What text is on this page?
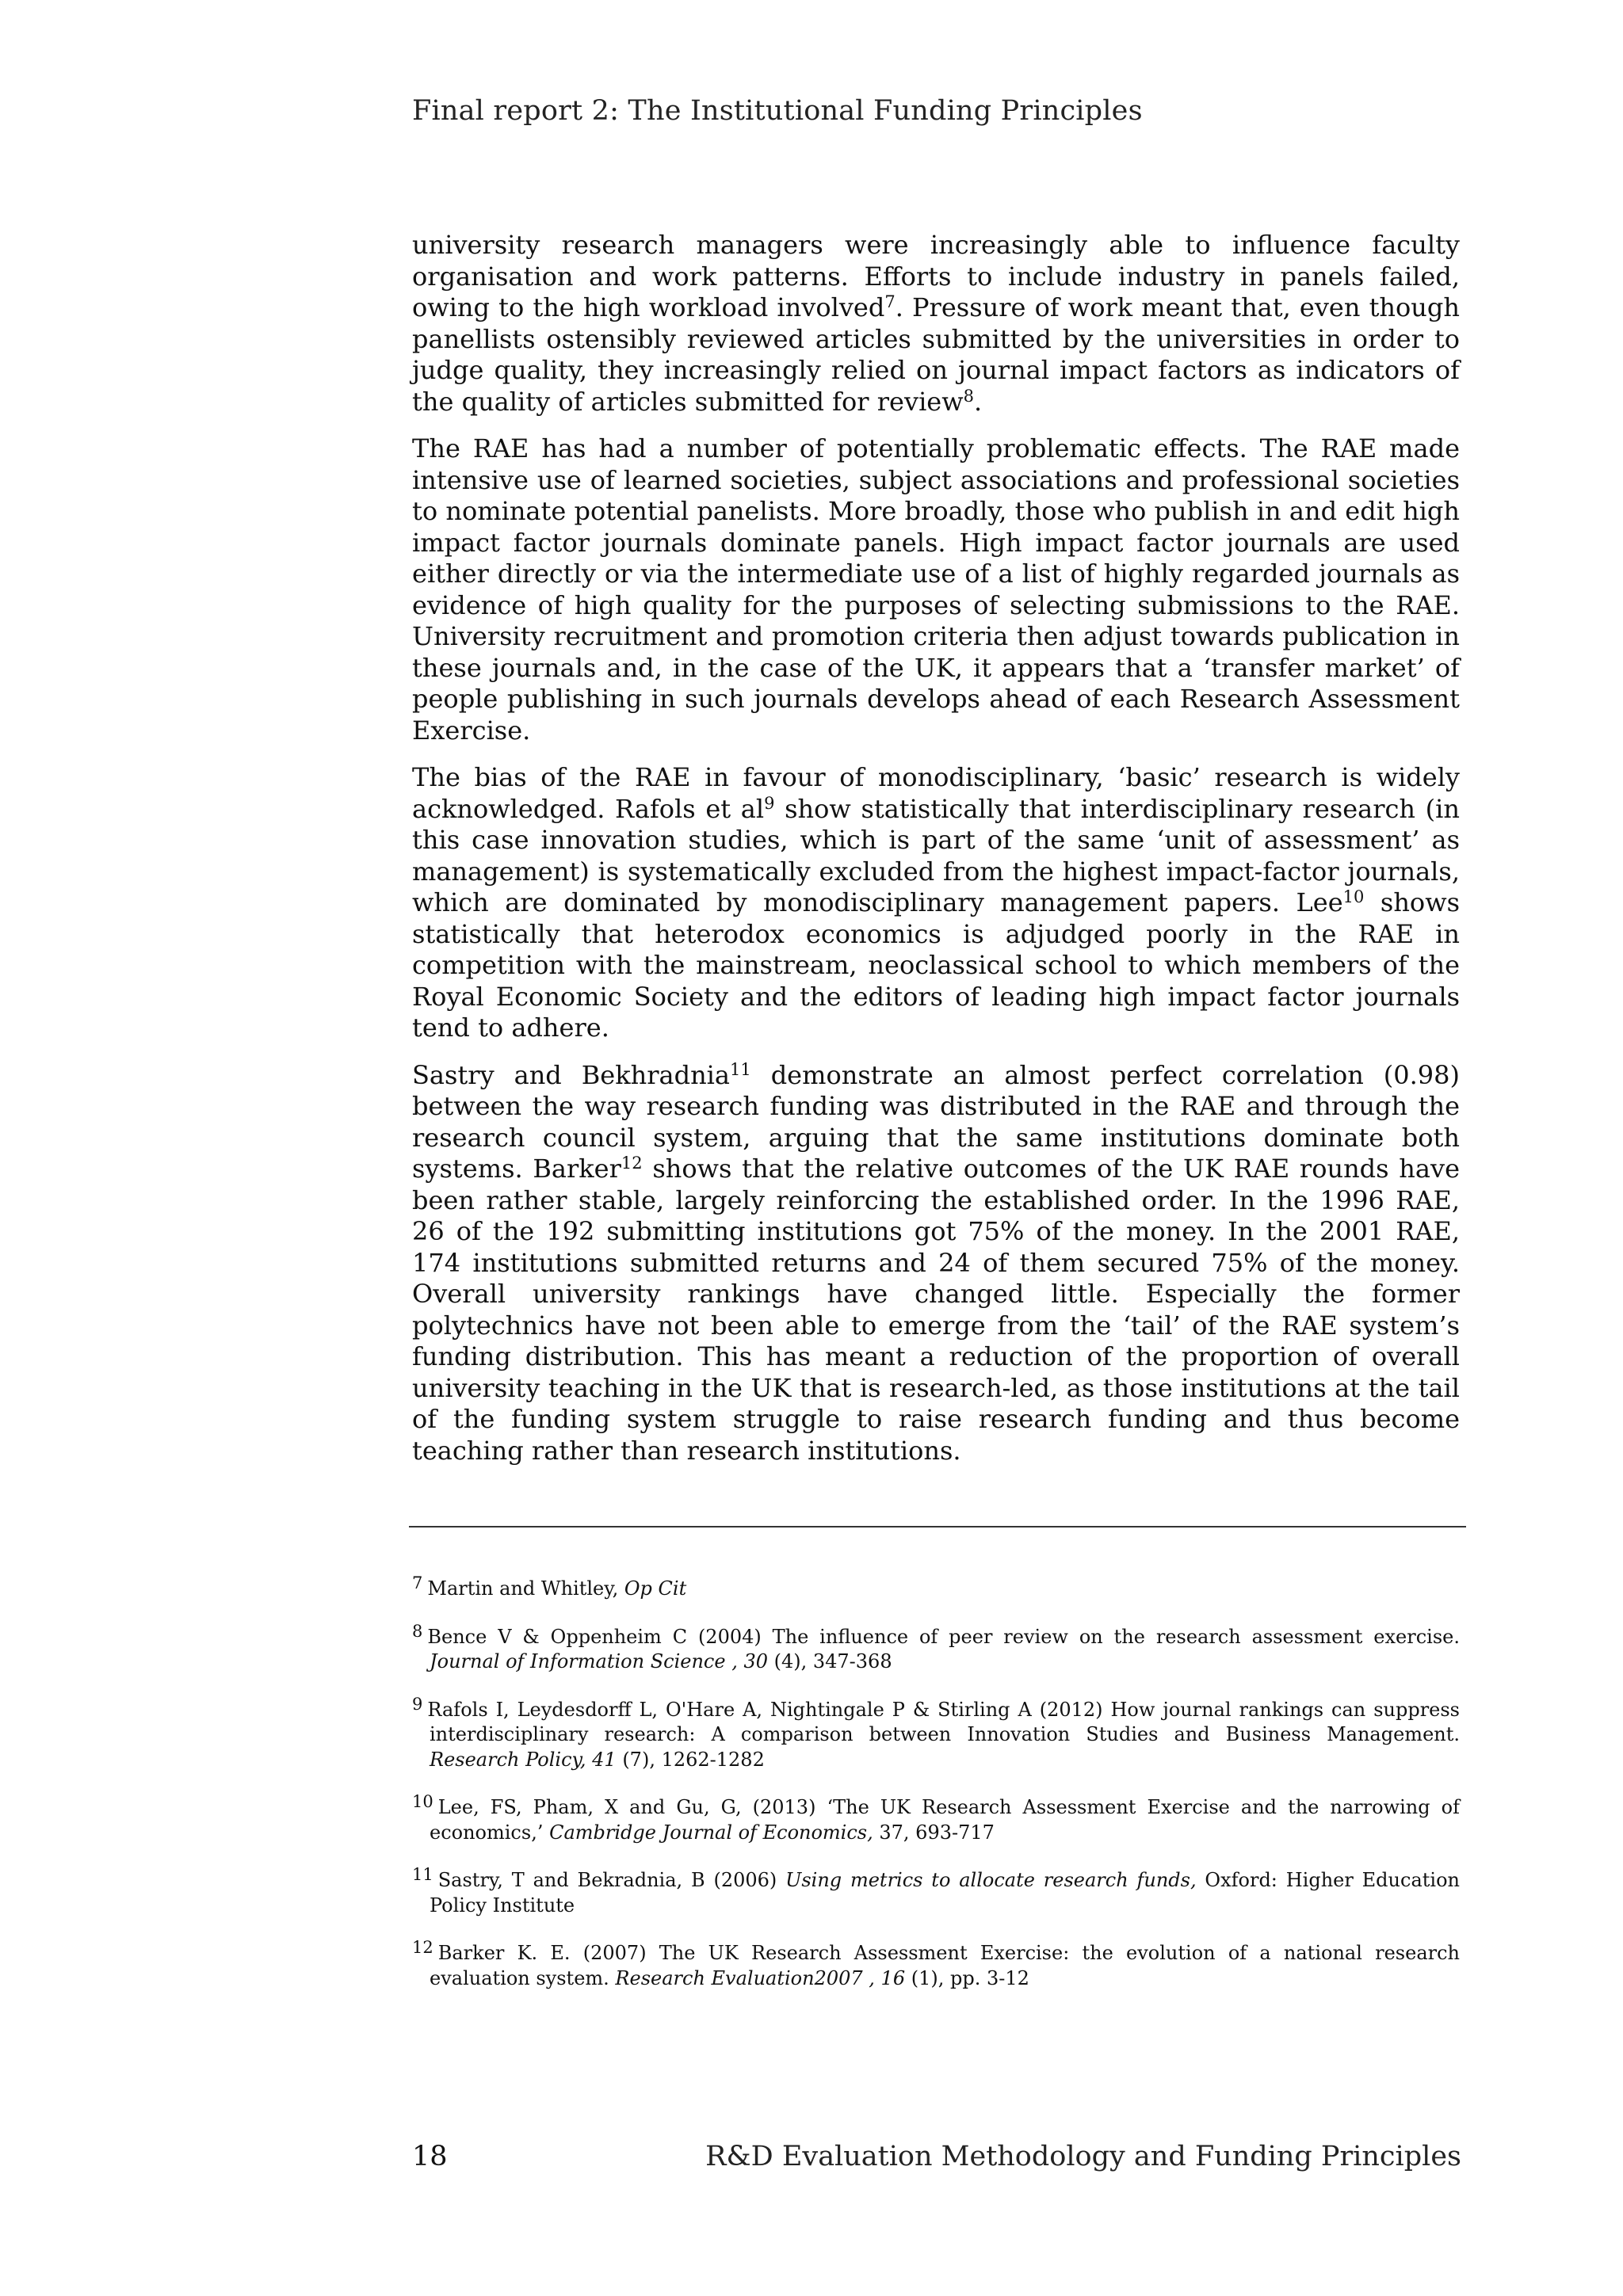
Final report 2: The Institutional Funding Principles

university research managers were increasingly able to influence faculty organisation and work patterns. Efforts to include industry in panels failed, owing to the high workload involved$^7$. Pressure of work meant that, even though panellists ostensibly reviewed articles submitted by the universities in order to judge quality, they increasingly relied on journal impact factors as indicators of the quality of articles submitted for review$^8$.

The RAE has had a number of potentially problematic effects. The RAE made intensive use of learned societies, subject associations and professional societies to nominate potential panelists. More broadly, those who publish in and edit high impact factor journals dominate panels. High impact factor journals are used either directly or via the intermediate use of a list of highly regarded journals as evidence of high quality for the purposes of selecting submissions to the RAE. University recruitment and promotion criteria then adjust towards publication in these journals and, in the case of the UK, it appears that a ‘transfer market’ of people publishing in such journals develops ahead of each Research Assessment Exercise.

The bias of the RAE in favour of monodisciplinary, ‘basic’ research is widely acknowledged. Rafols et $al^9$ show statistically that interdisciplinary research (in this case innovation studies, which is part of the same ‘unit of assessment’ as management) is systematically excluded from the highest impact-factor journals, which are dominated by monodisciplinary management papers. Lee$^{10}$ shows statistically that heterodox economics is adjudged poorly in the RAE in competition with the mainstream, neoclassical school to which members of the Royal Economic Society and the editors of leading high impact factor journals tend to adhere.

Sastry and Bekhradnia$^{11}$ demonstrate an almost perfect correlation (0.98) between the way research funding was distributed in the RAE and through the research council system, arguing that the same institutions dominate both systems. Barker$^{12}$ shows that the relative outcomes of the UK RAE rounds have been rather stable, largely reinforcing the established order. In the 1996 RAE, 26 of the 192 submitting institutions got 75% of the money. In the 2001 RAE, 174 institutions submitted returns and 24 of them secured 75% of the money. Overall university rankings have changed little. Especially the former polytechnics have not been able to emerge from the ‘tail’ of the RAE system’s funding distribution. This has meant a reduction of the proportion of overall university teaching in the UK that is research-led, as those institutions at the tail of the funding system struggle to raise research funding and thus become teaching rather than research institutions.

7 Martin and Whitley, Op Cit
8 Bence V & Oppenheim C (2004) The influence of peer review on the research assessment exercise. Journal of Information Science , 30 (4), 347-368
9 Rafols I, Leydesdorff L, O'Hare A, Nightingale P & Stirling A (2012) How journal rankings can suppress interdisciplinary research: A comparison between Innovation Studies and Business Management. Research Policy, 41 (7), 1262-1282
10 Lee, FS, Pham, X and Gu, G, (2013) ‘The UK Research Assessment Exercise and the narrowing of economics,’ Cambridge Journal of Economics, 37, 693-717
11 Sastry, T and Bekradnia, B (2006) Using metrics to allocate research funds, Oxford: Higher Education Policy Institute
12 Barker K. E. (2007) The UK Research Assessment Exercise: the evolution of a national research evaluation system. Research Evaluation2007 , 16 (1), pp. 3-12
18	R&D Evaluation Methodology and Funding Principles
